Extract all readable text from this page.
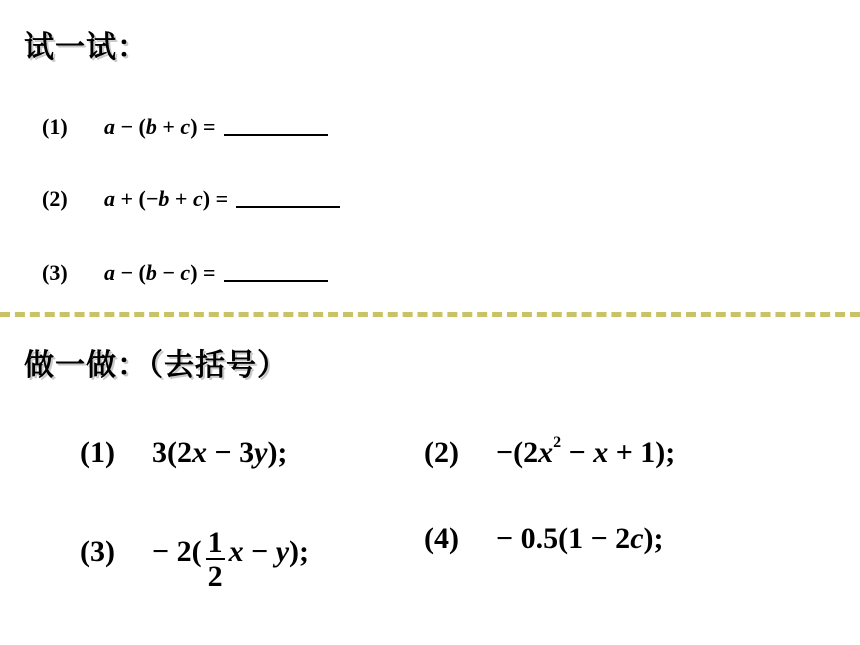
试一试：
(1)	a − (b + c) =
(2)	a + (−b + c) =
(3)	a − (b − c) =
做一做：（去括号）
(1)	3(2x − 3y);	(2)	$-(2x^2 - x + 1)$;
(3)	− $2( \frac{1}{2}$ x − y);	(4)	− 0.5(1 − 2c);
